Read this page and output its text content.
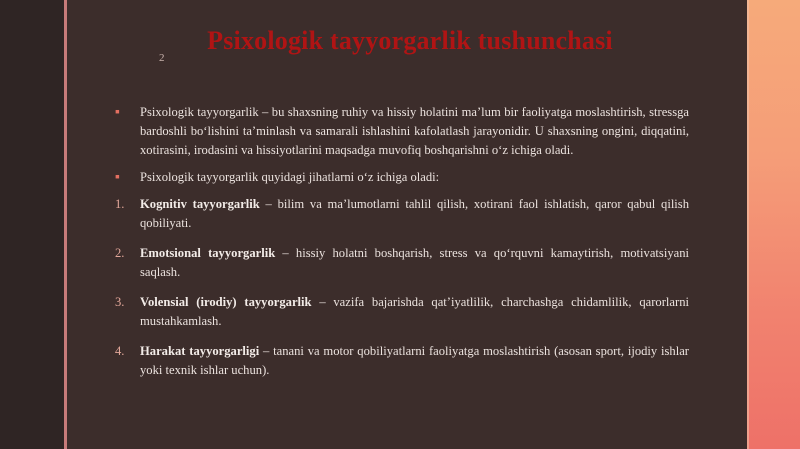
Psixologik tayyorgarlik tushunchasi
2
▪ Psixologik tayyorgarlik – bu shaxsning ruhiy va hissiy holatini maʼlum bir faoliyatga moslashtirish, stressga bardoshli boʻlishini taʼminlash va samarali ishlashini kafolatlash jarayonidir. U shaxsning ongini, diqqatini, xotirasini, irodasini va hissiyotlarini maqsadga muvofiq boshqarishni oʻz ichiga oladi.
▪ Psixologik tayyorgarlik quyidagi jihatlarni oʻz ichiga oladi:
1. Kognitiv tayyorgarlik – bilim va maʼlumotlarni tahlil qilish, xotirani faol ishlatish, qaror qabul qilish qobiliyati.
2. Emotsional tayyorgarlik – hissiy holatni boshqarish, stress va qoʻrquvni kamaytirish, motivatsiyani saqlash.
3. Volensial (irodiy) tayyorgarlik – vazifa bajarishda qatʼiyatlilik, charchashga chidamlilik, qarorlarni mustahkamlash.
4. Harakat tayyorgarligi – tanani va motor qobiliyatlarni faoliyatga moslashtirish (asosan sport, ijodiy ishlar yoki texnik ishlar uchun).
